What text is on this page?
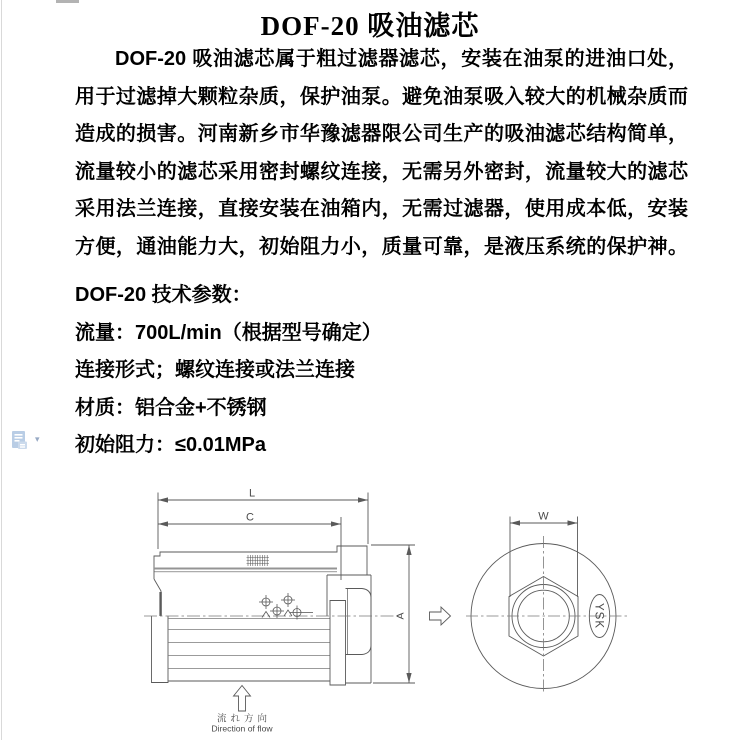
▾
DOF-20 吸油滤芯
DOF-20 吸油滤芯属于粗过滤器滤芯，安装在油泵的进油口处，
用于过滤掉大颗粒杂质，保护油泵。避免油泵吸入较大的机械杂质而
造成的损害。河南新乡市华豫滤器限公司生产的吸油滤芯结构简单，
流量较小的滤芯采用密封螺纹连接，无需另外密封，流量较大的滤芯
采用法兰连接，直接安装在油箱内，无需过滤器，使用成本低，安装
方便，通油能力大，初始阻力小，质量可靠，是液压系统的保护神。
DOF-20 技术参数：
流量：700L/min（根据型号确定）
连接形式；螺纹连接或法兰连接
材质：铝合金+不锈钢
初始阻力：≤0.01MPa
L
C
A
W
YSK
流れ方向
Direction of flow
